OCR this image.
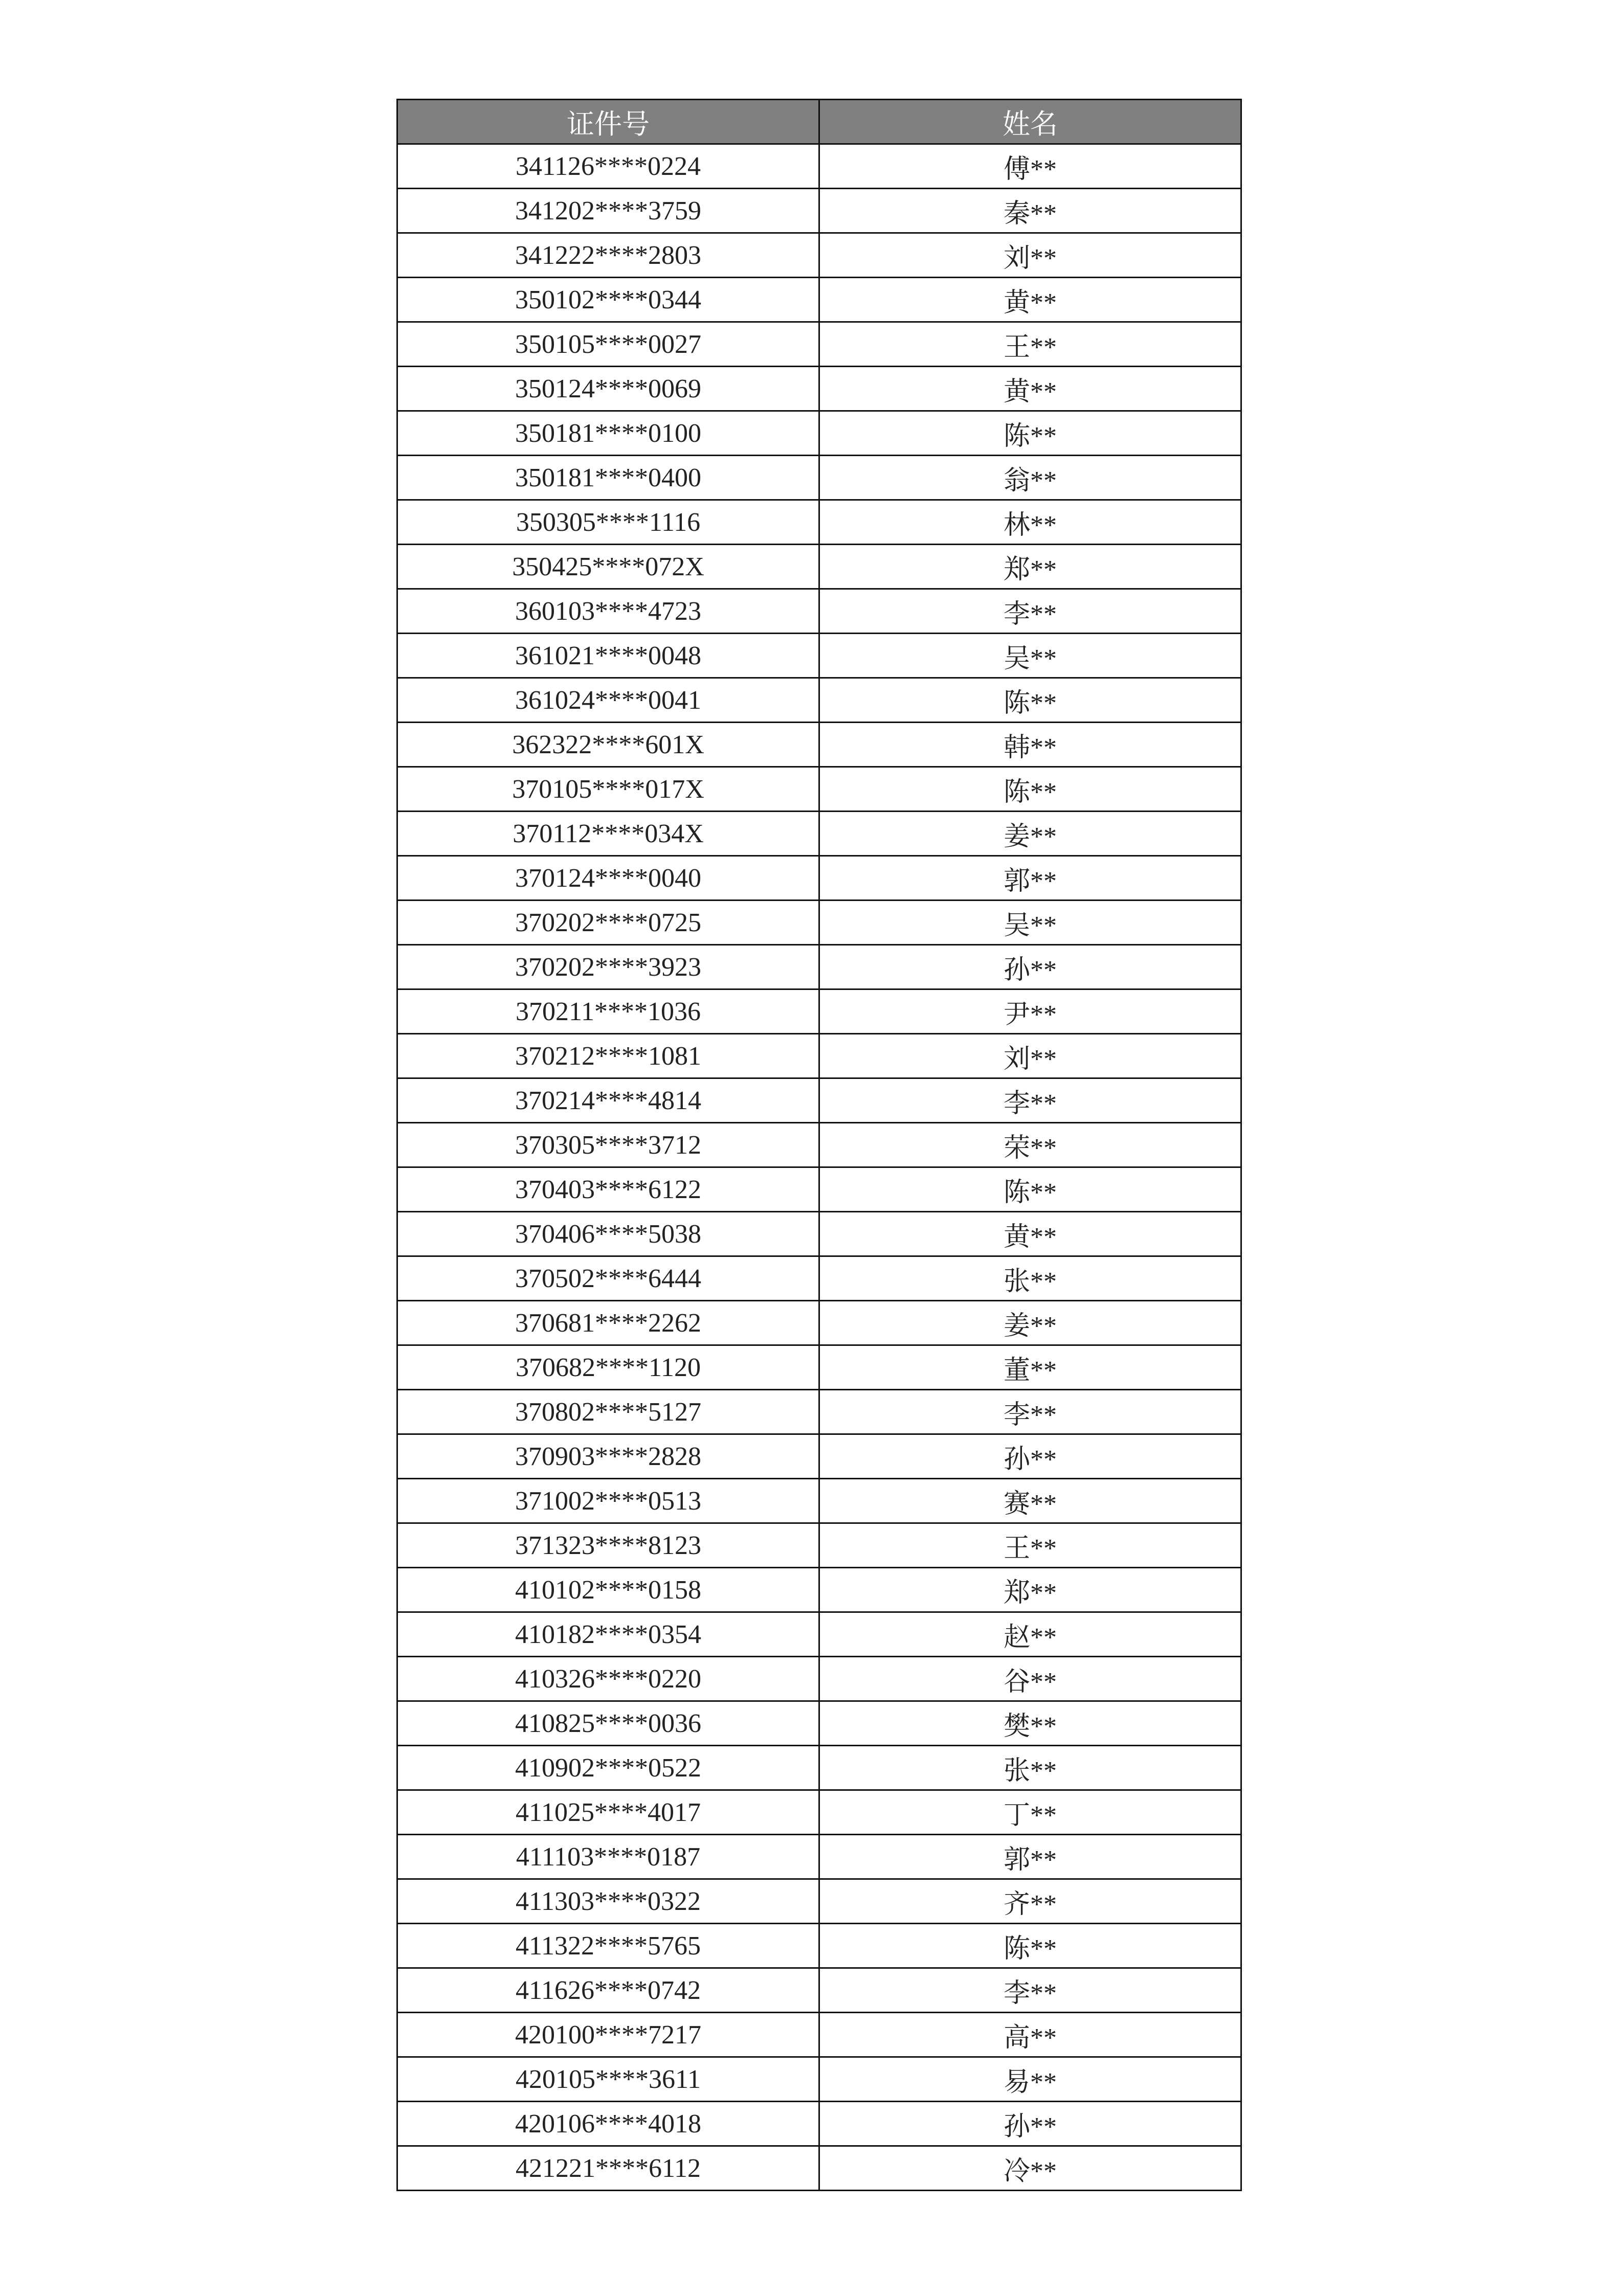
证件号	姓名
341126****0224	傅**
341202****3759	秦**
341222****2803	刘**
350102****0344	黄**
350105****0027	王**
350124****0069	黄**
350181****0100	陈**
350181****0400	翁**
350305****1116	林**
350425****072X	郑**
360103****4723	李**
361021****0048	吴**
361024****0041	陈**
362322****601X	韩**
370105****017X	陈**
370112****034X	姜**
370124****0040	郭**
370202****0725	吴**
370202****3923	孙**
370211****1036	尹**
370212****1081	刘**
370214****4814	李**
370305****3712	荣**
370403****6122	陈**
370406****5038	黄**
370502****6444	张**
370681****2262	姜**
370682****1120	董**
370802****5127	李**
370903****2828	孙**
371002****0513	赛**
371323****8123	王**
410102****0158	郑**
410182****0354	赵**
410326****0220	谷**
410825****0036	樊**
410902****0522	张**
411025****4017	丁**
411103****0187	郭**
411303****0322	齐**
411322****5765	陈**
411626****0742	李**
420100****7217	高**
420105****3611	易**
420106****4018	孙**
421221****6112	冷**
